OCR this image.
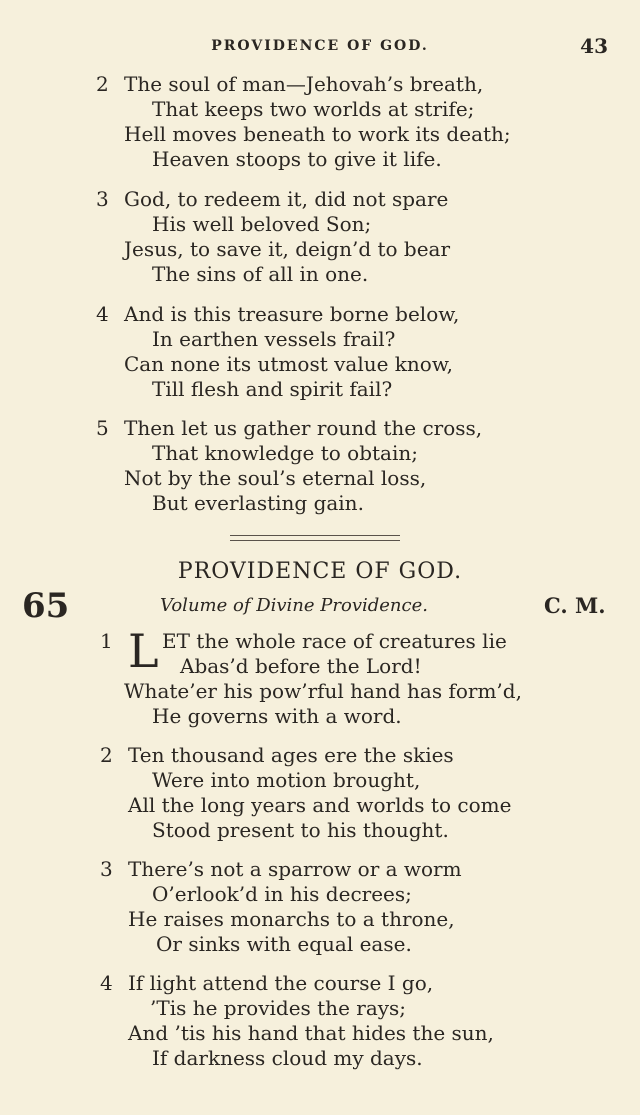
PROVIDENCE OF GOD.	43
2 The soul of man—Jehovah’s breath,
That keeps two worlds at strife;
Hell moves beneath to work its death;
Heaven stoops to give it life.
3 God, to redeem it, did not spare
His well beloved Son;
Jesus, to save it, deign’d to bear
The sins of all in one.
4 And is this treasure borne below,
In earthen vessels frail?
Can none its utmost value know,
Till flesh and spirit fail?
5 Then let us gather round the cross,
That knowledge to obtain;
Not by the soul’s eternal loss,
But everlasting gain.
PROVIDENCE OF GOD.
65	Volume of Divine Providence.	C. M.
1 ET the whole race of creatures lie
Abas’d before the Lord!
Whate’er his pow’rful hand has form’d,
He governs with a word.
L
2 Ten thousand ages ere the skies
Were into motion brought,
All the long years and worlds to come
Stood present to his thought.
3 There’s not a sparrow or a worm
O’erlook’d in his decrees;
He raises monarchs to a throne,
Or sinks with equal ease.
4 If light attend the course I go,
’Tis he provides the rays;
And ’tis his hand that hides the sun,
If darkness cloud my days.
